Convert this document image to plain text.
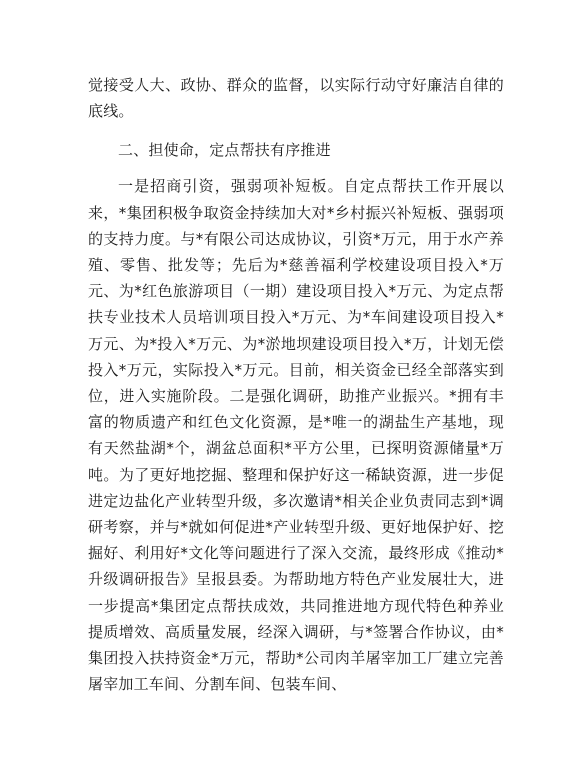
觉接受人大、政协、群众的监督，以实际行动守好廉洁自律的底线。

二、担使命，定点帮扶有序推进

一是招商引资，强弱项补短板。自定点帮扶工作开展以来，*集团积极争取资金持续加大对*乡村振兴补短板、强弱项的支持力度。与*有限公司达成协议，引资*万元，用于水产养殖、零售、批发等；先后为*慈善福利学校建设项目投入*万元、为*红色旅游项目（一期）建设项目投入*万元、为定点帮扶专业技术人员培训项目投入*万元、为*车间建设项目投入*万元、为*投入*万元、为*淤地坝建设项目投入*万，计划无偿投入*万元，实际投入*万元。目前，相关资金已经全部落实到位，进入实施阶段。二是强化调研，助推产业振兴。*拥有丰富的物质遗产和红色文化资源，是*唯一的湖盐生产基地，现有天然盐湖*个，湖盆总面积*平方公里，已探明资源储量*万吨。为了更好地挖掘、整理和保护好这一稀缺资源，进一步促进定边盐化产业转型升级，多次邀请*相关企业负责同志到*调研考察，并与*就如何促进*产业转型升级、更好地保护好、挖掘好、利用好*文化等问题进行了深入交流，最终形成《推动*升级调研报告》呈报县委。为帮助地方特色产业发展壮大，进一步提高*集团定点帮扶成效，共同推进地方现代特色种养业提质增效、高质量发展，经深入调研，与*签署合作协议，由*集团投入扶持资金*万元，帮助*公司肉羊屠宰加工厂建立完善屠宰加工车间、分割车间、包装车间、
